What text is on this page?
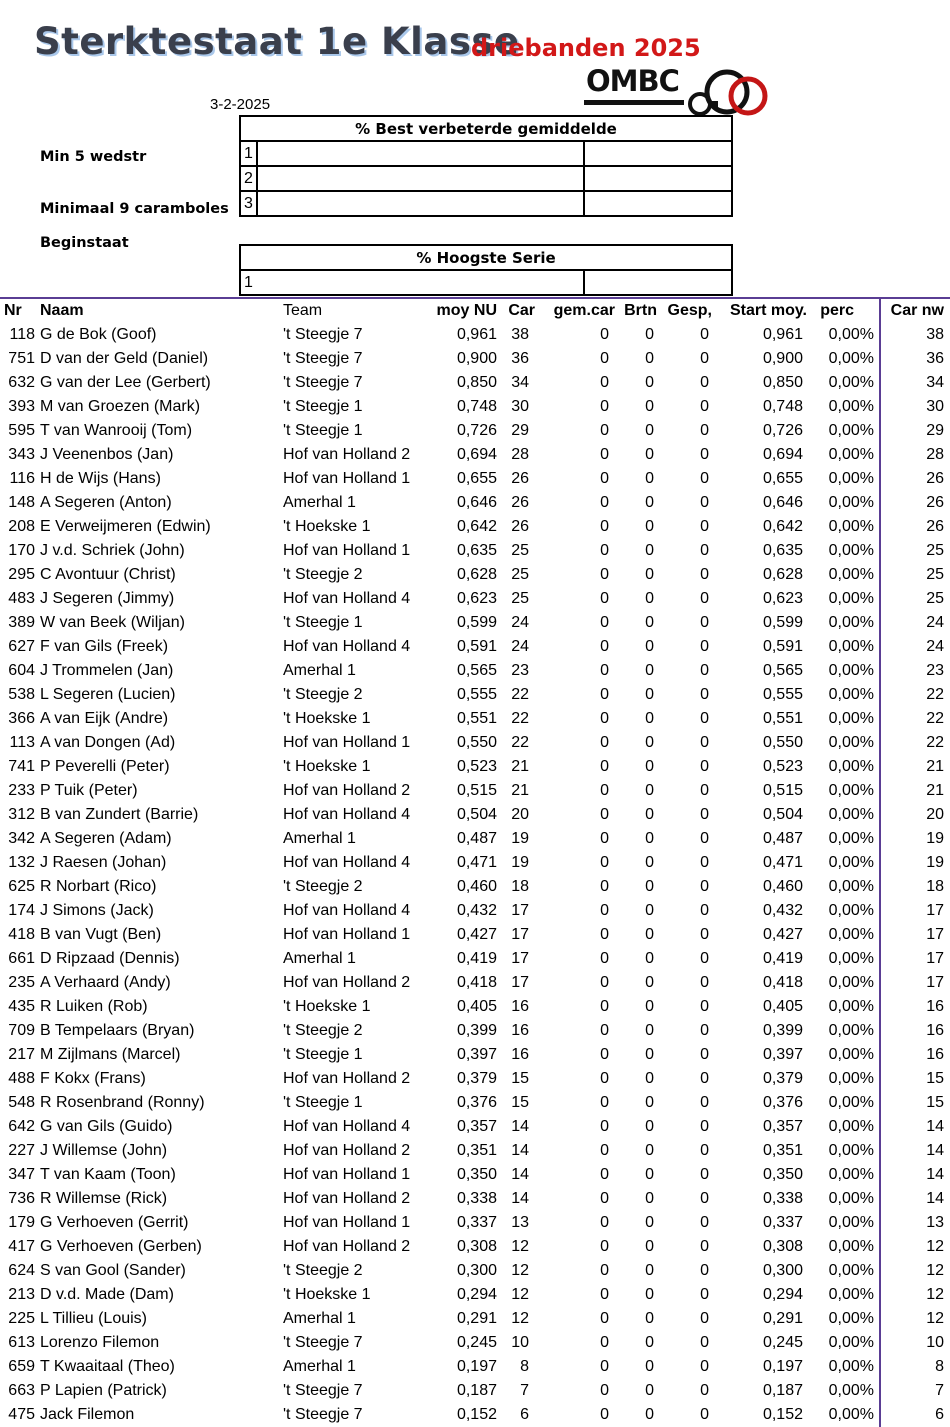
Sterktestaat 1e Klasse
driebanden 2025
OMBC
3-2-2025
Min 5 wedstr
Minimaal 9 caramboles
Beginstaat
% Best verbeterde gemiddelde		
1		
2		
3		
% Hoogste Serie
1	
Nr	Naam	Team	moy NU	Car	gem.car	Brtn	Gesp,	Start moy.	perc	Car nw
118	G de Bok (Goof)	't Steegje 7	0,961	38	0	0	0	0,961	0,00%	38
751	D van der Geld (Daniel)	't Steegje 7	0,900	36	0	0	0	0,900	0,00%	36
632	G van der Lee (Gerbert)	't Steegje 7	0,850	34	0	0	0	0,850	0,00%	34
393	M van Groezen (Mark)	't Steegje 1	0,748	30	0	0	0	0,748	0,00%	30
595	T van Wanrooij (Tom)	't Steegje 1	0,726	29	0	0	0	0,726	0,00%	29
343	J Veenenbos (Jan)	Hof van Holland 2	0,694	28	0	0	0	0,694	0,00%	28
116	H de Wijs (Hans)	Hof van Holland 1	0,655	26	0	0	0	0,655	0,00%	26
148	A Segeren (Anton)	Amerhal 1	0,646	26	0	0	0	0,646	0,00%	26
208	E Verweijmeren (Edwin)	't Hoekske 1	0,642	26	0	0	0	0,642	0,00%	26
170	J v.d. Schriek (John)	Hof van Holland 1	0,635	25	0	0	0	0,635	0,00%	25
295	C Avontuur (Christ)	't Steegje 2	0,628	25	0	0	0	0,628	0,00%	25
483	J Segeren (Jimmy)	Hof van Holland 4	0,623	25	0	0	0	0,623	0,00%	25
389	W van Beek (Wiljan)	't Steegje 1	0,599	24	0	0	0	0,599	0,00%	24
627	F van Gils (Freek)	Hof van Holland 4	0,591	24	0	0	0	0,591	0,00%	24
604	J Trommelen (Jan)	Amerhal 1	0,565	23	0	0	0	0,565	0,00%	23
538	L Segeren (Lucien)	't Steegje 2	0,555	22	0	0	0	0,555	0,00%	22
366	A van Eijk (Andre)	't Hoekske 1	0,551	22	0	0	0	0,551	0,00%	22
113	A van Dongen (Ad)	Hof van Holland 1	0,550	22	0	0	0	0,550	0,00%	22
741	P Peverelli (Peter)	't Hoekske 1	0,523	21	0	0	0	0,523	0,00%	21
233	P Tuik (Peter)	Hof van Holland 2	0,515	21	0	0	0	0,515	0,00%	21
312	B van Zundert (Barrie)	Hof van Holland 4	0,504	20	0	0	0	0,504	0,00%	20
342	A Segeren (Adam)	Amerhal 1	0,487	19	0	0	0	0,487	0,00%	19
132	J Raesen (Johan)	Hof van Holland 4	0,471	19	0	0	0	0,471	0,00%	19
625	R Norbart (Rico)	't Steegje 2	0,460	18	0	0	0	0,460	0,00%	18
174	J Simons (Jack)	Hof van Holland 4	0,432	17	0	0	0	0,432	0,00%	17
418	B van Vugt (Ben)	Hof van Holland 1	0,427	17	0	0	0	0,427	0,00%	17
661	D Ripzaad (Dennis)	Amerhal 1	0,419	17	0	0	0	0,419	0,00%	17
235	A Verhaard (Andy)	Hof van Holland 2	0,418	17	0	0	0	0,418	0,00%	17
435	R Luiken (Rob)	't Hoekske 1	0,405	16	0	0	0	0,405	0,00%	16
709	B Tempelaars (Bryan)	't Steegje 2	0,399	16	0	0	0	0,399	0,00%	16
217	M Zijlmans (Marcel)	't Steegje 1	0,397	16	0	0	0	0,397	0,00%	16
488	F Kokx (Frans)	Hof van Holland 2	0,379	15	0	0	0	0,379	0,00%	15
548	R Rosenbrand (Ronny)	't Steegje 1	0,376	15	0	0	0	0,376	0,00%	15
642	G van Gils (Guido)	Hof van Holland 4	0,357	14	0	0	0	0,357	0,00%	14
227	J Willemse (John)	Hof van Holland 2	0,351	14	0	0	0	0,351	0,00%	14
347	T van Kaam (Toon)	Hof van Holland 1	0,350	14	0	0	0	0,350	0,00%	14
736	R Willemse (Rick)	Hof van Holland 2	0,338	14	0	0	0	0,338	0,00%	14
179	G Verhoeven (Gerrit)	Hof van Holland 1	0,337	13	0	0	0	0,337	0,00%	13
417	G Verhoeven (Gerben)	Hof van Holland 2	0,308	12	0	0	0	0,308	0,00%	12
624	S van Gool (Sander)	't Steegje 2	0,300	12	0	0	0	0,300	0,00%	12
213	D v.d. Made (Dam)	't Hoekske 1	0,294	12	0	0	0	0,294	0,00%	12
225	L Tillieu (Louis)	Amerhal 1	0,291	12	0	0	0	0,291	0,00%	12
613	Lorenzo Filemon	't Steegje 7	0,245	10	0	0	0	0,245	0,00%	10
659	T Kwaaitaal (Theo)	Amerhal 1	0,197	8	0	0	0	0,197	0,00%	8
663	P Lapien (Patrick)	't Steegje 7	0,187	7	0	0	0	0,187	0,00%	7
475	Jack Filemon	't Steegje 7	0,152	6	0	0	0	0,152	0,00%	6
